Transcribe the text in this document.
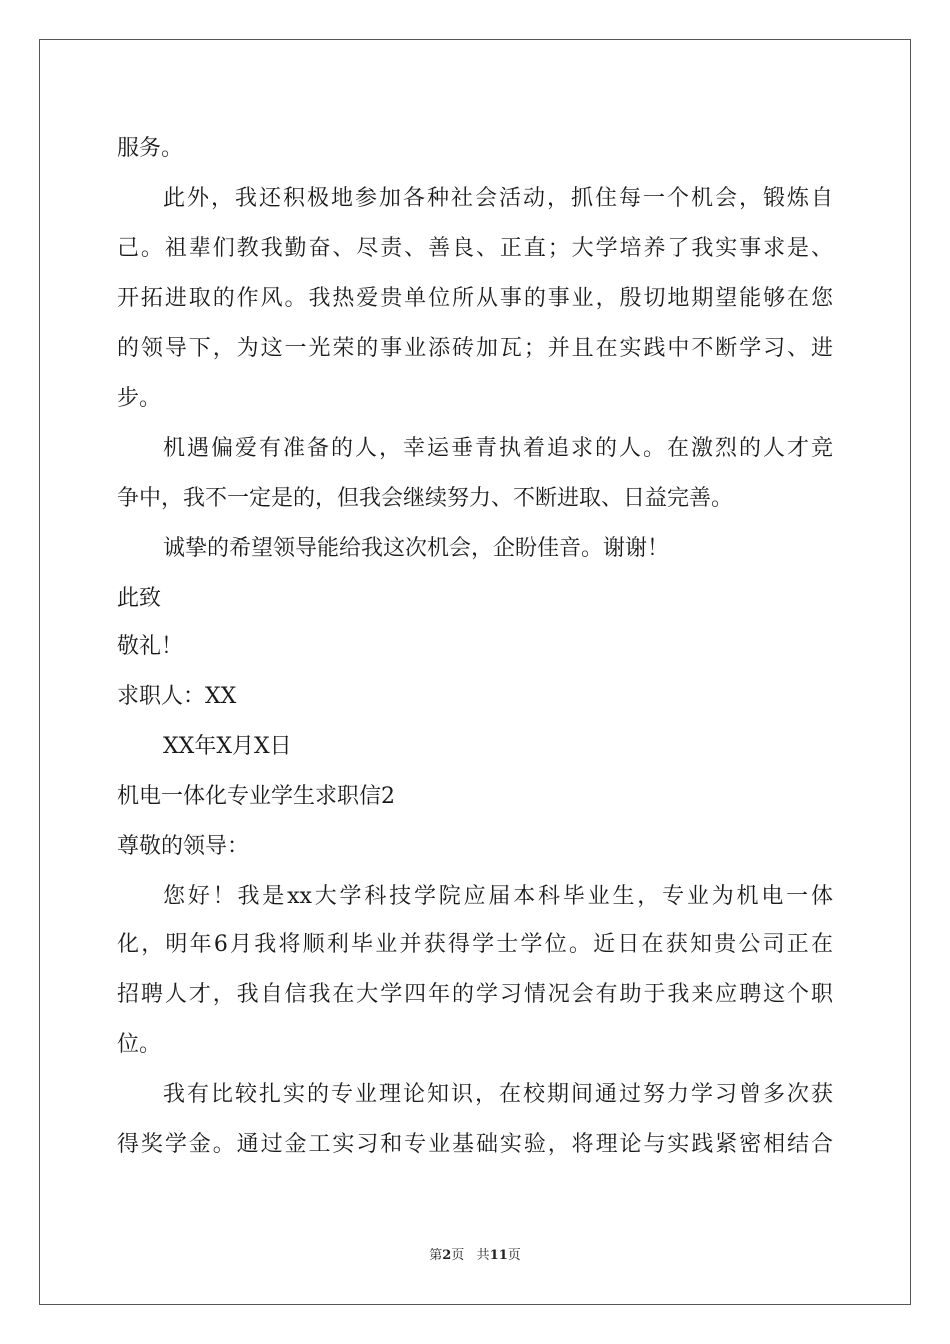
服务。
此外，我还积极地参加各种社会活动，抓住每一个机会，锻炼自
己。祖辈们教我勤奋、尽责、善良、正直；大学培养了我实事求是、
开拓进取的作风。我热爱贵单位所从事的事业，殷切地期望能够在您
的领导下，为这一光荣的事业添砖加瓦；并且在实践中不断学习、进
步。
机遇偏爱有准备的人，幸运垂青执着追求的人。在激烈的人才竞
争中，我不一定是的，但我会继续努力、不断进取、日益完善。
诚挚的希望领导能给我这次机会，企盼佳音。谢谢！
此致
敬礼！
求职人：XX
XX年X月X日
机电一体化专业学生求职信2
尊敬的领导：
您好！我是xx大学科技学院应届本科毕业生，专业为机电一体
化，明年6月我将顺利毕业并获得学士学位。近日在获知贵公司正在
招聘人才，我自信我在大学四年的学习情况会有助于我来应聘这个职
位。
我有比较扎实的专业理论知识，在校期间通过努力学习曾多次获
得奖学金。通过金工实习和专业基础实验，将理论与实践紧密相结合
第2页 共11页
